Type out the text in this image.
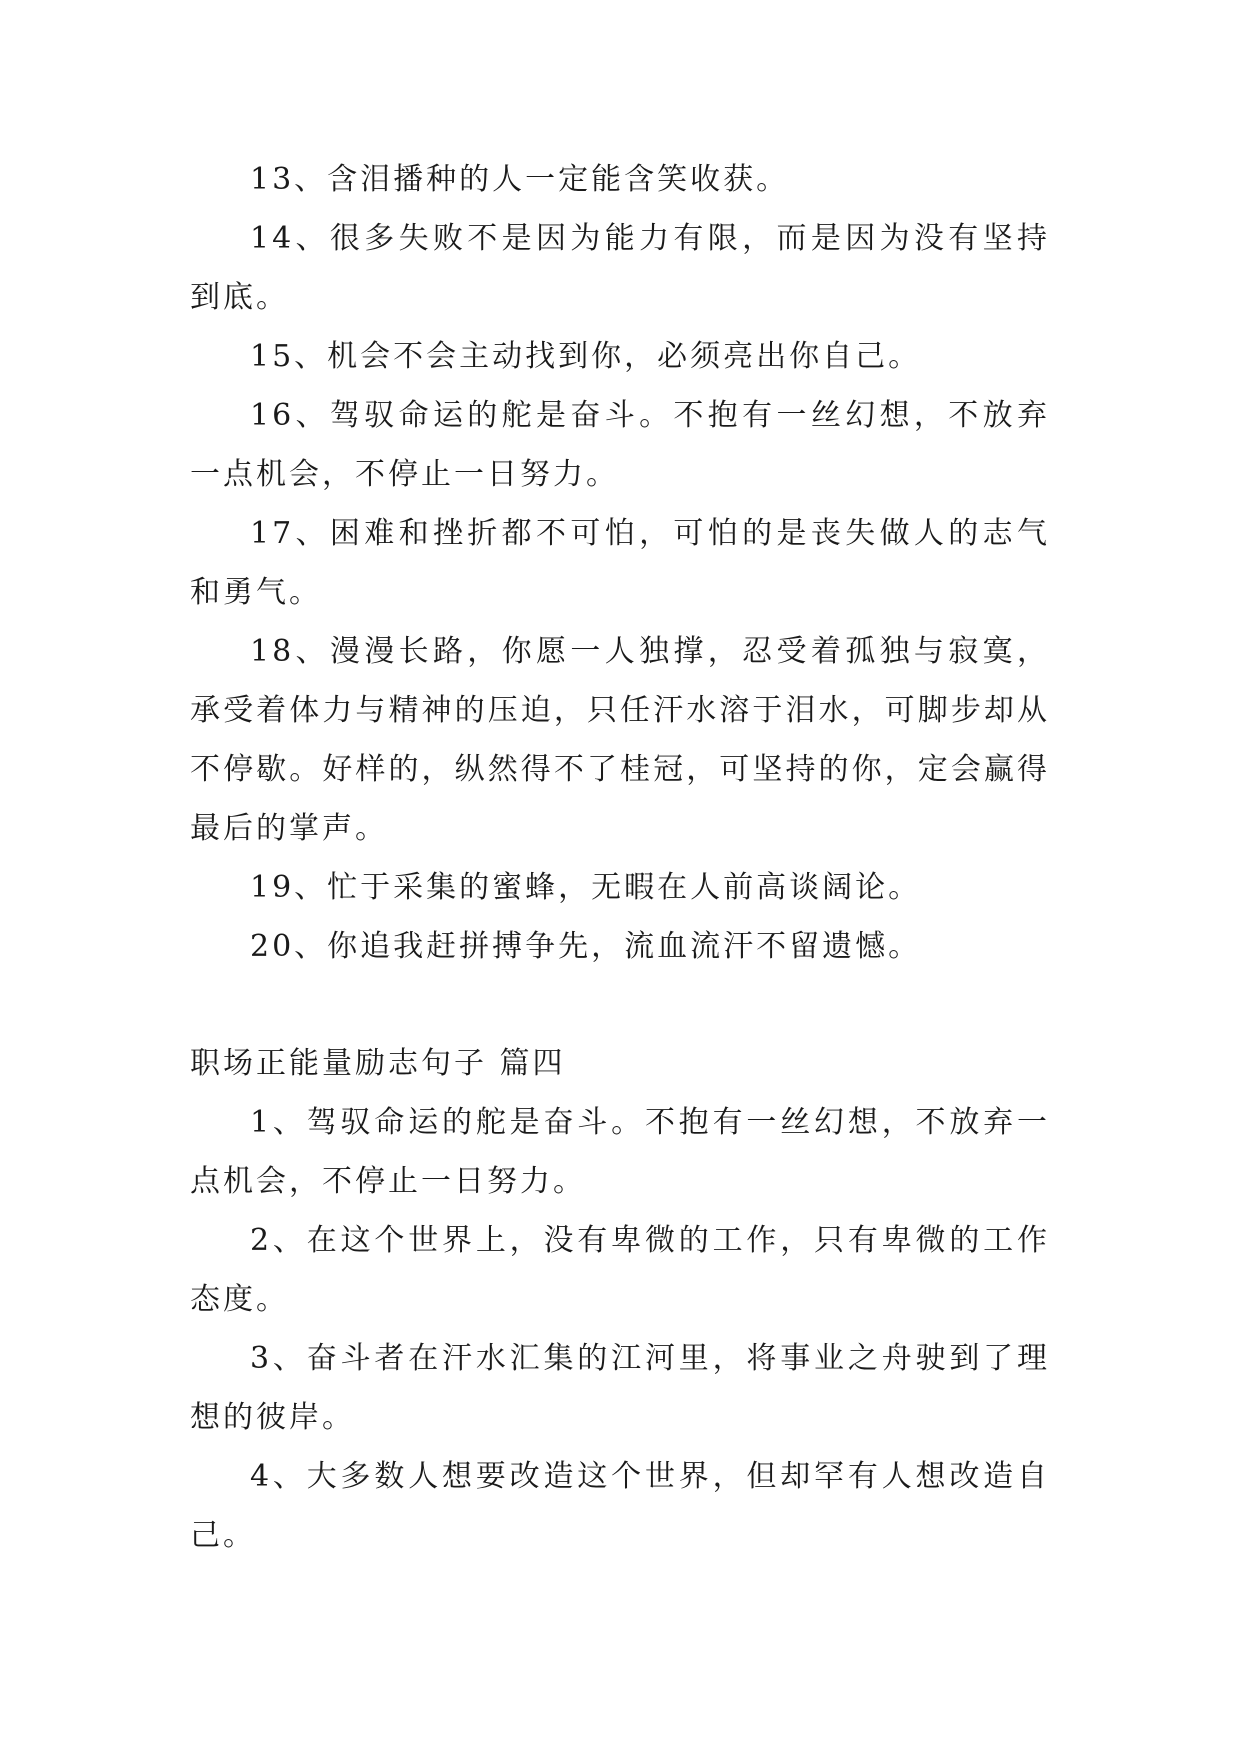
13、含泪播种的人一定能含笑收获。

14、很多失败不是因为能力有限，而是因为没有坚持到底。

15、机会不会主动找到你，必须亮出你自己。

16、驾驭命运的舵是奋斗。不抱有一丝幻想，不放弃一点机会，不停止一日努力。

17、困难和挫折都不可怕，可怕的是丧失做人的志气和勇气。

18、漫漫长路，你愿一人独撑，忍受着孤独与寂寞，承受着体力与精神的压迫，只任汗水溶于泪水，可脚步却从不停歇。好样的，纵然得不了桂冠，可坚持的你，定会赢得最后的掌声。

19、忙于采集的蜜蜂，无暇在人前高谈阔论。

20、你追我赶拼搏争先，流血流汗不留遗憾。

职场正能量励志句子 篇四

1、驾驭命运的舵是奋斗。不抱有一丝幻想，不放弃一点机会，不停止一日努力。

2、在这个世界上，没有卑微的工作，只有卑微的工作态度。

3、奋斗者在汗水汇集的江河里，将事业之舟驶到了理想的彼岸。

4、大多数人想要改造这个世界，但却罕有人想改造自己。
